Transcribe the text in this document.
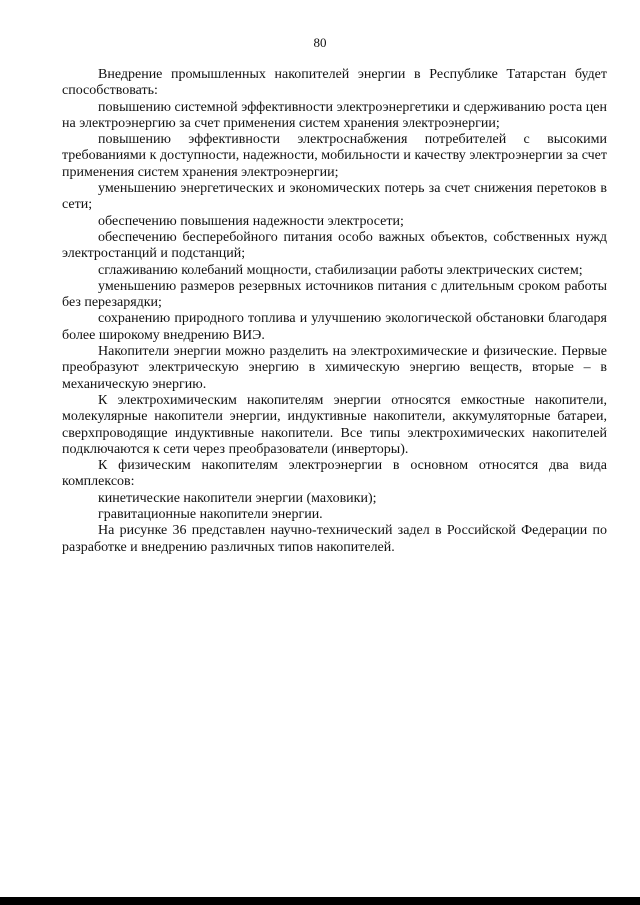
80

Внедрение промышленных накопителей энергии в Республике Татарстан будет способствовать:

повышению системной эффективности электроэнергетики и сдерживанию роста цен на электроэнергию за счет применения систем хранения электроэнергии;

повышению эффективности электроснабжения потребителей с высокими требованиями к доступности, надежности, мобильности и качеству электроэнергии за счет применения систем хранения электроэнергии;

уменьшению энергетических и экономических потерь за счет снижения перетоков в сети;

обеспечению повышения надежности электросети;

обеспечению бесперебойного питания особо важных объектов, собственных нужд электростанций и подстанций;

сглаживанию колебаний мощности, стабилизации работы электрических систем;

уменьшению размеров резервных источников питания с длительным сроком работы без перезарядки;

сохранению природного топлива и улучшению экологической обстановки благодаря более широкому внедрению ВИЭ.

Накопители энергии можно разделить на электрохимические и физические. Первые преобразуют электрическую энергию в химическую энергию веществ, вторые – в механическую энергию.

К электрохимическим накопителям энергии относятся емкостные накопители, молекулярные накопители энергии, индуктивные накопители, аккумуляторные батареи, сверхпроводящие индуктивные накопители. Все типы электрохимических накопителей подключаются к сети через преобразователи (инверторы).

К физическим накопителям электроэнергии в основном относятся два вида комплексов:

кинетические накопители энергии (маховики);

гравитационные накопители энергии.

На рисунке 36 представлен научно-технический задел в Российской Федерации по разработке и внедрению различных типов накопителей.
